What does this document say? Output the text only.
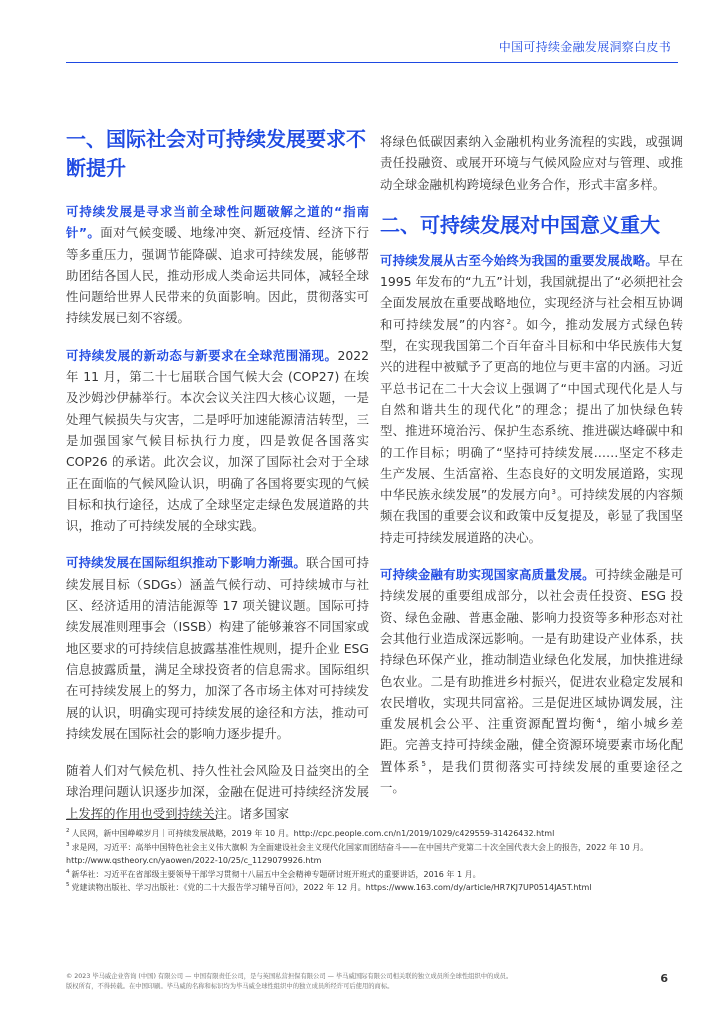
中国可持续金融发展洞察白皮书
一、国际社会对可持续发展要求不断提升

可持续发展是寻求当前全球性问题破解之道的“指南针”。面对气候变暖、地缘冲突、新冠疫情、经济下行等多重压力，强调节能降碳、追求可持续发展，能够帮助团结各国人民，推动形成人类命运共同体，减轻全球性问题给世界人民带来的负面影响。因此，贯彻落实可持续发展已刻不容缓。

可持续发展的新动态与新要求在全球范围涌现。2022 年 11 月，第二十七届联合国气候大会 (COP27) 在埃及沙姆沙伊赫举行。本次会议关注四大核心议题，一是处理气候损失与灾害，二是呼吁加速能源清洁转型，三是加强国家气候目标执行力度，四是敦促各国落实 COP26 的承诺。此次会议，加深了国际社会对于全球正在面临的气候风险认识，明确了各国将要实现的气候目标和执行途径，达成了全球坚定走绿色发展道路的共识，推动了可持续发展的全球实践。

可持续发展在国际组织推动下影响力渐强。联合国可持续发展目标（SDGs）涵盖气候行动、可持续城市与社区、经济适用的清洁能源等 17 项关键议题。国际可持续发展准则理事会（ISSB）构建了能够兼容不同国家或地区要求的可持续信息披露基准性规则，提升企业 ESG 信息披露质量，满足全球投资者的信息需求。国际组织在可持续发展上的努力，加深了各市场主体对可持续发展的认识，明确实现可持续发展的途径和方法，推动可持续发展在国际社会的影响力逐步提升。

随着人们对气候危机、持久性社会风险及日益突出的全球治理问题认识逐步加深，金融在促进可持续经济发展上发挥的作用也受到持续关注。诸多国家

将绿色低碳因素纳入金融机构业务流程的实践，或强调责任投融资、或展开环境与气候风险应对与管理、或推动全球金融机构跨境绿色业务合作，形式丰富多样。

二、可持续发展对中国意义重大

可持续发展从古至今始终为我国的重要发展战略。早在 1995 年发布的“九五”计划，我国就提出了“必须把社会全面发展放在重要战略地位，实现经济与社会相互协调和可持续发展”的内容$^2$。如今，推动发展方式绿色转型，在实现我国第二个百年奋斗目标和中华民族伟大复兴的进程中被赋予了更高的地位与更丰富的内涵。习近平总书记在二十大会议上强调了“中国式现代化是人与自然和谐共生的现代化”的理念；提出了加快绿色转型、推进环境治污、保护生态系统、推进碳达峰碳中和的工作目标；明确了“坚持可持续发展……坚定不移走生产发展、生活富裕、生态良好的文明发展道路，实现中华民族永续发展”的发展方向$^3$。可持续发展的内容频频在我国的重要会议和政策中反复提及，彰显了我国坚持走可持续发展道路的决心。

可持续金融有助实现国家高质量发展。可持续金融是可持续发展的重要组成部分，以社会责任投资、ESG 投资、绿色金融、普惠金融、影响力投资等多种形态对社会其他行业造成深远影响。一是有助建设产业体系，扶持绿色环保产业，推动制造业绿色化发展，加快推进绿色农业。二是有助推进乡村振兴，促进农业稳定发展和农民增收，实现共同富裕。三是促进区域协调发展，注重发展机会公平、注重资源配置均衡$^4$，缩小城乡差距。完善支持可持续金融，健全资源环境要素市场化配置体系$^5$，是我们贯彻落实可持续发展的重要途径之一。

$^2$ 人民网，新中国峥嵘岁月｜可持续发展战略，2019 年 10 月。http://cpc.people.com.cn/n1/2019/1029/c429559-31426432.html

$^3$ 求是网，习近平：高举中国特色社会主义伟大旗帜 为全面建设社会主义现代化国家而团结奋斗——在中国共产党第二十次全国代表大会上的报告，2022 年 10 月。http://www.qstheory.cn/yaowen/2022-10/25/c_1129079926.htm

$^4$ 新华社：习近平在省部级主要领导干部学习贯彻十八届五中全会精神专题研讨班开班式的重要讲话，2016 年 1 月。

$^5$ 党建读物出版社、学习出版社：《党的二十大报告学习辅导百问》，2022 年 12 月。https://www.163.com/dy/article/HR7KJ7UP0514JA5T.html

© 2023 毕马威企业咨询 (中国) 有限公司 — 中国有限责任公司，是与英国私营担保有限公司 — 毕马威国际有限公司相关联的独立成员所全球性组织中的成员。

版权所有，不得转载。在中国印刷。毕马威的名称和标识均为毕马威全球性组织中的独立成员所经许可后使用的商标。

6
